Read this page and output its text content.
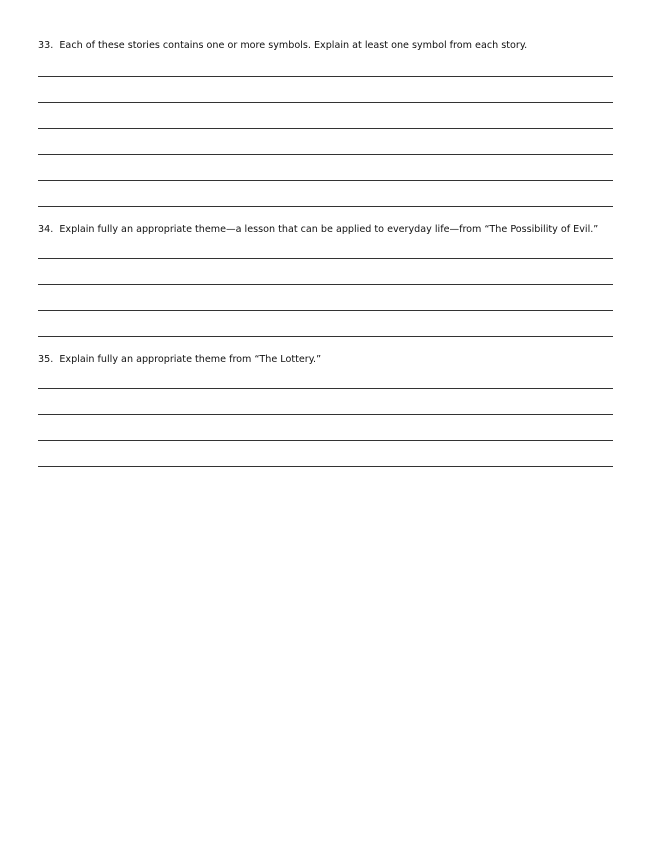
33. Each of these stories contains one or more symbols. Explain at least one symbol from each story.
34. Explain fully an appropriate theme—a lesson that can be applied to everyday life—from “The Possibility of Evil.”
35. Explain fully an appropriate theme from “The Lottery.”
